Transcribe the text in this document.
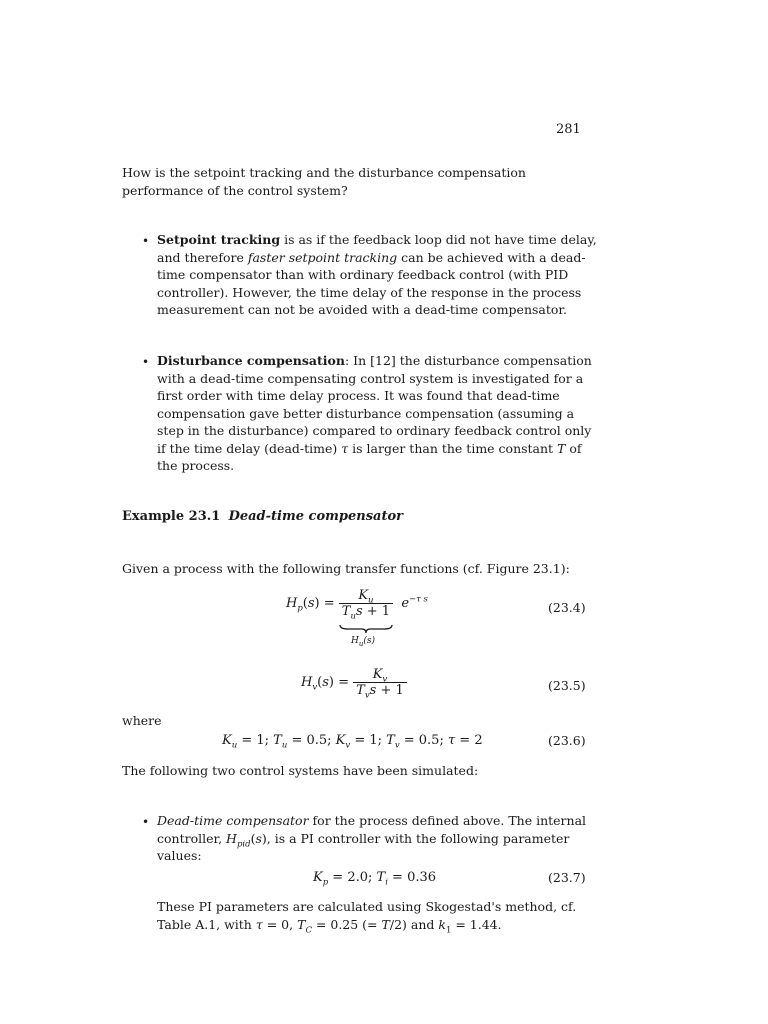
281
How is the setpoint tracking and the disturbance compensation performance of the control system?
• Setpoint tracking is as if the feedback loop did not have time delay, and therefore faster setpoint tracking can be achieved with a dead-time compensator than with ordinary feedback control (with PID controller). However, the time delay of the response in the process measurement can not be avoided with a dead-time compensator.
• Disturbance compensation: In [12] the disturbance compensation with a dead-time compensating control system is investigated for a first order with time delay process. It was found that dead-time compensation gave better disturbance compensation (assuming a step in the disturbance) compared to ordinary feedback control only if the time delay (dead-time) τ is larger than the time constant T of the process.
Example 23.1 Dead-time compensator
Given a process with the following transfer functions (cf. Figure 23.1):
$H_p(s) = \frac{K_u}{T_us + 1} e^{-\tau s}$
$H_u(s)$
(23.4)
$H_v(s) = \frac{K_v}{T_vs + 1}$	(23.5)
where
$K_u = 1$; $T_u = 0.5$; $K_v = 1$; $T_v = 0.5$; τ = 2	(23.6)
The following two control systems have been simulated:
• Dead-time compensator for the process defined above. The internal controller, $H_{pid}(s)$, is a PI controller with the following parameter values:
$K_p = 2.0$; $T_i = 0.36$	(23.7)
These PI parameters are calculated using Skogestad's method, cf.
Table A.1, with τ = 0, $T_C = 0.25$ (= T/2) and $k_1 = 1.44$.
